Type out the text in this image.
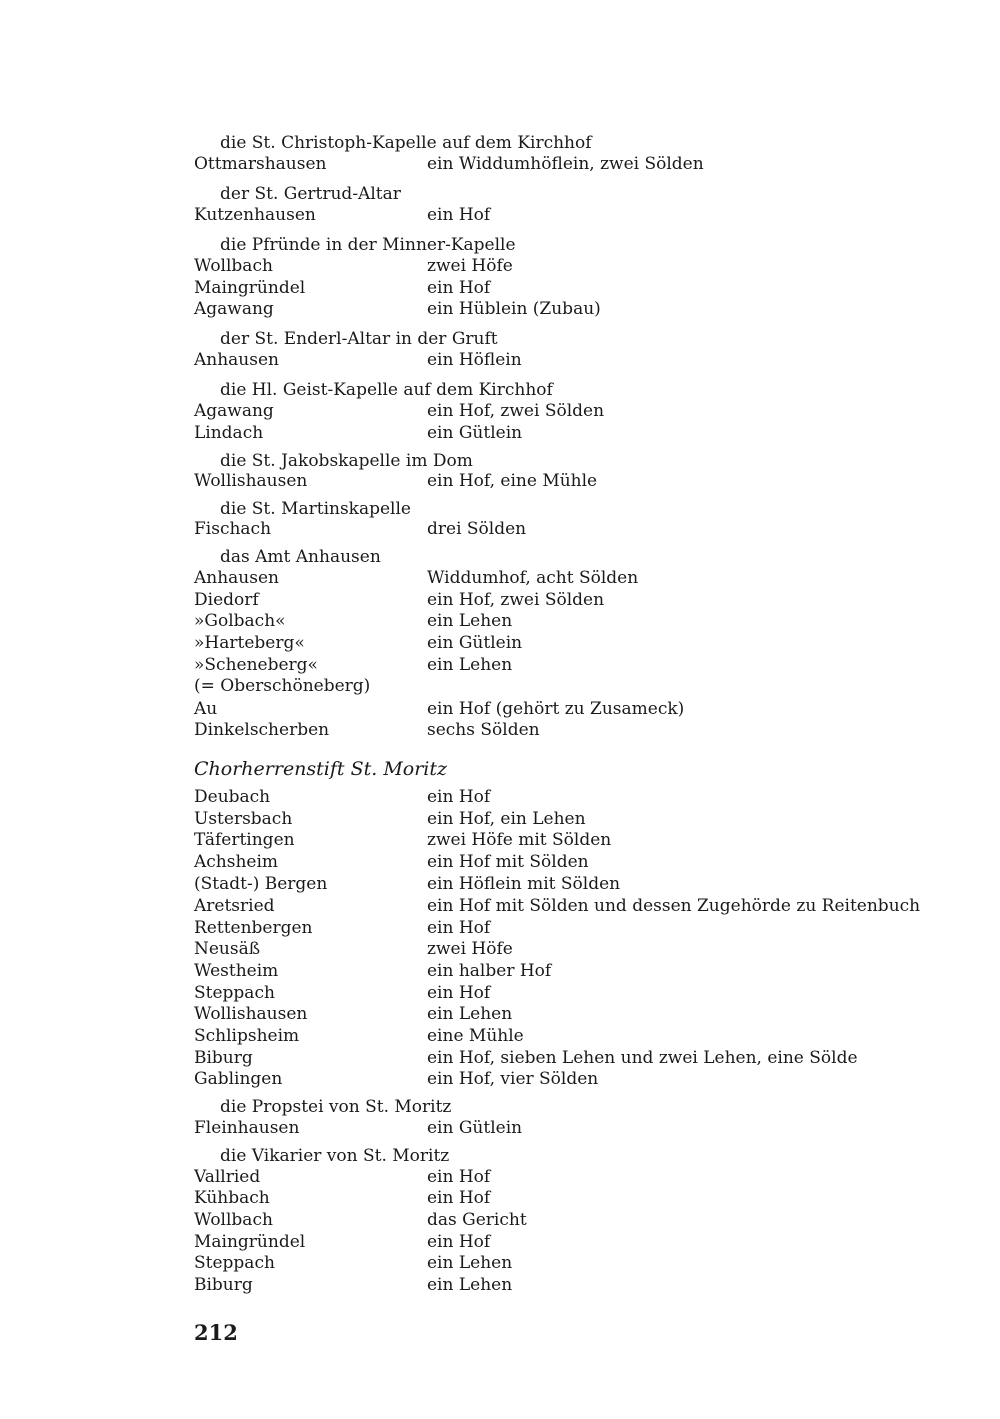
die St. Christoph-Kapelle auf dem Kirchhof
Ottmarshausen	ein Widdumhöflein, zwei Sölden
der St. Gertrud-Altar
Kutzenhausen	ein Hof
die Pfründe in der Minner-Kapelle
Wollbach	zwei Höfe
Maingründel	ein Hof
Agawang	ein Hüblein (Zubau)
der St. Enderl-Altar in der Gruft
Anhausen	ein Höflein
die Hl. Geist-Kapelle auf dem Kirchhof
Agawang	ein Hof, zwei Sölden
Lindach	ein Gütlein
die St. Jakobskapelle im Dom
Wollishausen	ein Hof, eine Mühle
die St. Martinskapelle
Fischach	drei Sölden
das Amt Anhausen
Anhausen	Widdumhof, acht Sölden
Diedorf	ein Hof, zwei Sölden
»Golbach«	ein Lehen
»Harteberg«	ein Gütlein
»Scheneberg«	ein Lehen
(= Oberschöneberg)
Au	ein Hof (gehört zu Zusameck)
Dinkelscherben	sechs Sölden
Chorherrenstift St. Moritz
Deubach	ein Hof
Ustersbach	ein Hof, ein Lehen
Täfertingen	zwei Höfe mit Sölden
Achsheim	ein Hof mit Sölden
(Stadt-) Bergen	ein Höflein mit Sölden
Aretsried	ein Hof mit Sölden und dessen Zugehörde zu Reitenbuch
Rettenbergen	ein Hof
Neusäß	zwei Höfe
Westheim	ein halber Hof
Steppach	ein Hof
Wollishausen	ein Lehen
Schlipsheim	eine Mühle
Biburg	ein Hof, sieben Lehen und zwei Lehen, eine Sölde
Gablingen	ein Hof, vier Sölden
die Propstei von St. Moritz
Fleinhausen	ein Gütlein
die Vikarier von St. Moritz
Vallried	ein Hof
Kühbach	ein Hof
Wollbach	das Gericht
Maingründel	ein Hof
Steppach	ein Lehen
Biburg	ein Lehen
212
